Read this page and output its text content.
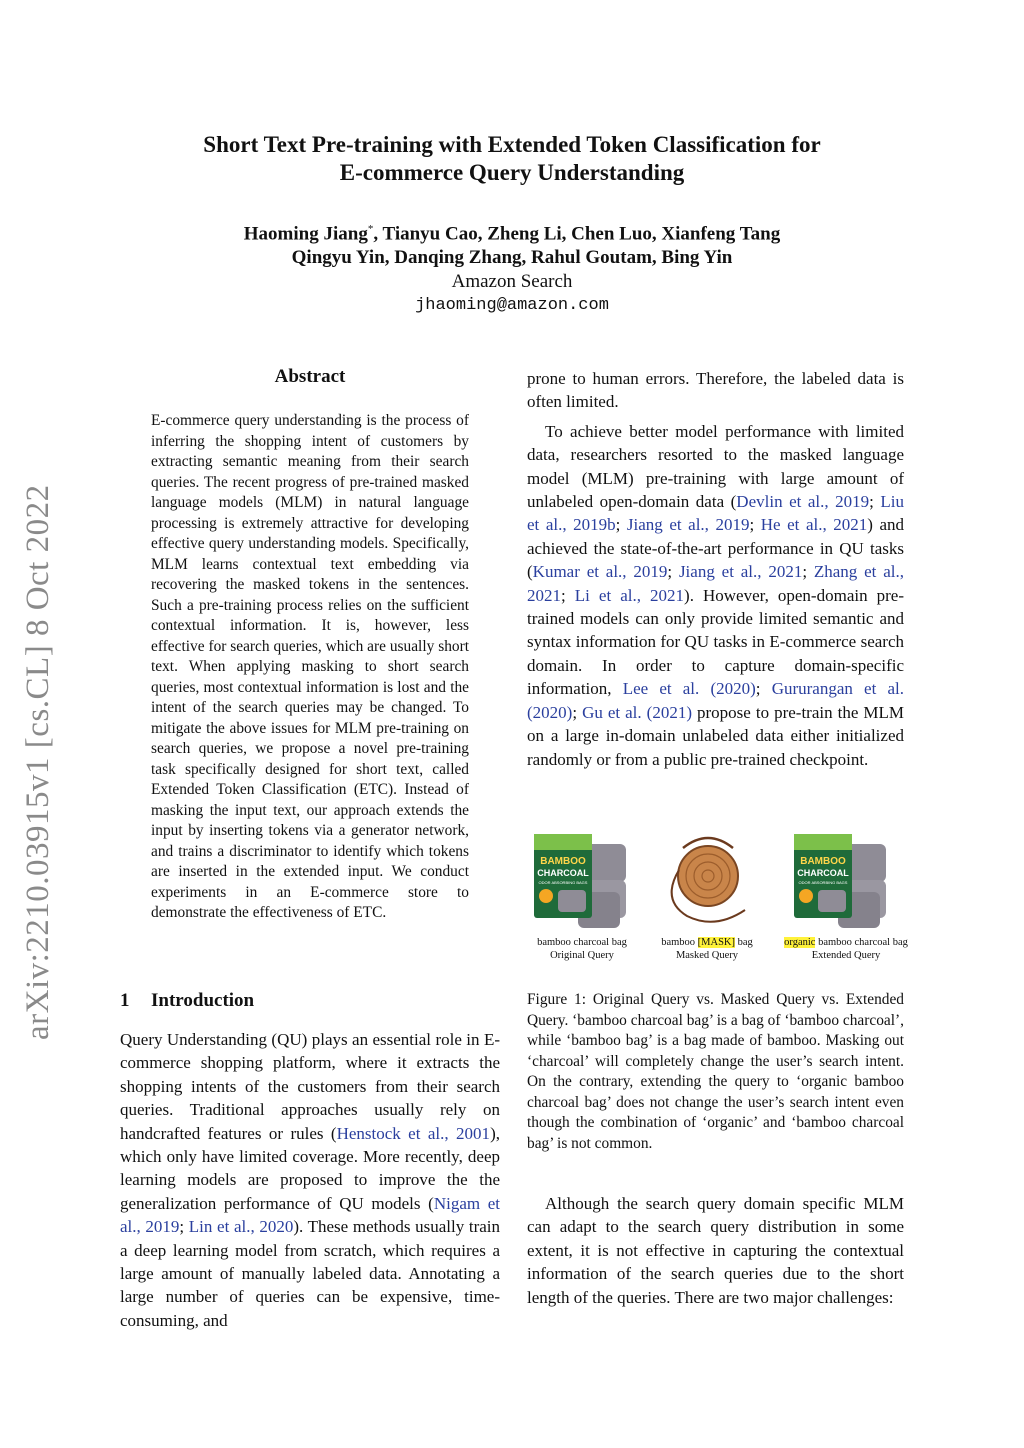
arXiv:2210.03915v1 [cs.CL] 8 Oct 2022
Short Text Pre-training with Extended Token Classification for
E-commerce Query Understanding
Haoming Jiang*, Tianyu Cao, Zheng Li, Chen Luo, Xianfeng Tang
Qingyu Yin, Danqing Zhang, Rahul Goutam, Bing Yin
Amazon Search
jhaoming@amazon.com
Abstract
E-commerce query understanding is the process of inferring the shopping intent of customers by extracting semantic meaning from their search queries. The recent progress of pre-trained masked language models (MLM) in natural language processing is extremely attractive for developing effective query understanding models. Specifically, MLM learns contextual text embedding via recovering the masked tokens in the sentences. Such a pre-training process relies on the sufficient contextual information. It is, however, less effective for search queries, which are usually short text. When applying masking to short search queries, most contextual information is lost and the intent of the search queries may be changed. To mitigate the above issues for MLM pre-training on search queries, we propose a novel pre-training task specifically designed for short text, called Extended Token Classification (ETC). Instead of masking the input text, our approach extends the input by inserting tokens via a generator network, and trains a discriminator to identify which tokens are inserted in the extended input. We conduct experiments in an E-commerce store to demonstrate the effectiveness of ETC.
1 Introduction
Query Understanding (QU) plays an essential role in E-commerce shopping platform, where it extracts the shopping intents of the customers from their search queries. Traditional approaches usually rely on handcrafted features or rules (Henstock et al., 2001), which only have limited coverage. More recently, deep learning models are proposed to improve the the generalization performance of QU models (Nigam et al., 2019; Lin et al., 2020). These methods usually train a deep learning model from scratch, which requires a large amount of manually labeled data. Annotating a large number of queries can be expensive, time-consuming, and

prone to human errors. Therefore, the labeled data is often limited.

To achieve better model performance with limited data, researchers resorted to the masked language model (MLM) pre-training with large amount of unlabeled open-domain data (Devlin et al., 2019; Liu et al., 2019b; Jiang et al., 2019; He et al., 2021) and achieved the state-of-the-art performance in QU tasks (Kumar et al., 2019; Jiang et al., 2021; Zhang et al., 2021; Li et al., 2021). However, open-domain pre-trained models can only provide limited semantic and syntax information for QU tasks in E-commerce search domain. In order to capture domain-specific information, Lee et al. (2020); Gururangan et al. (2020); Gu et al. (2021) propose to pre-train the MLM on a large in-domain unlabeled data either initialized randomly or from a public pre-trained checkpoint.

BAMBOO
CHARCOAL
ODOR ABSORBING BAGS
BAMBOO
CHARCOAL
ODOR ABSORBING BAGS
bamboo charcoal bag
Original Query
bamboo [MASK] bag
Masked Query
organic bamboo charcoal bag
Extended Query
Figure 1: Original Query vs. Masked Query vs. Extended Query. ‘bamboo charcoal bag’ is a bag of ‘bamboo charcoal’, while ‘bamboo bag’ is a bag made of bamboo. Masking out ‘charcoal’ will completely change the user’s search intent. On the contrary, extending the query to ‘organic bamboo charcoal bag’ does not change the user’s search intent even though the combination of ‘organic’ and ‘bamboo charcoal bag’ is not common.
Although the search query domain specific MLM can adapt to the search query distribution in some extent, it is not effective in capturing the contextual information of the search queries due to the short length of the queries. There are two major challenges:
